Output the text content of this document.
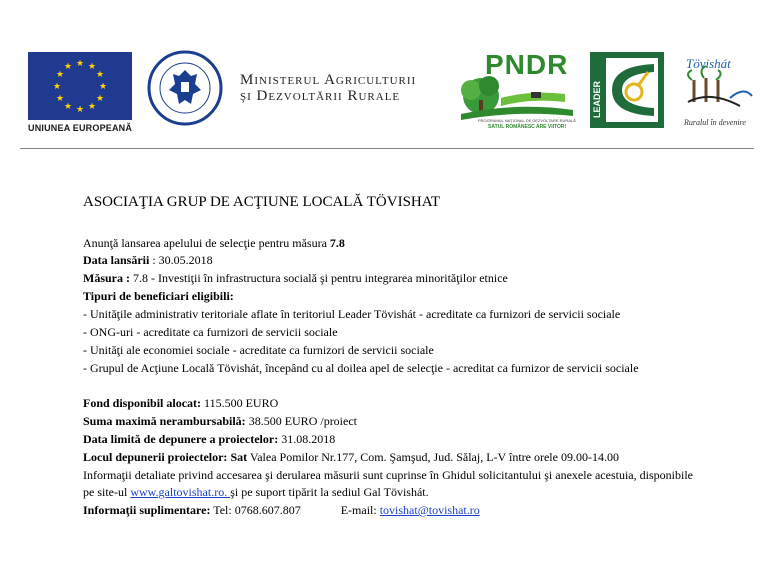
★ ★
★
★
★
★
★
★
★
★
★
★
UNIUNEA EUROPEANĂ
Ministerul Agriculturii
şi Dezvoltării Rurale
PNDR
PROGRAMUL NAŢIONAL DE DEZVOLTARE RURALĂ
SATUL ROMÂNESC ARE VIITOR!
LEADER
Tövishát
Ruralul în devenire
ASOCIAŢIA GRUP DE ACŢIUNE LOCALĂ TÖVISHAT
Anunţă lansarea apelului de selecţie pentru măsura 7.8
Data lansării : 30.05.2018
Măsura : 7.8 - Investiţii în infrastructura socială şi pentru integrarea minorităţilor etnice
Tipuri de beneficiari eligibili:
- Unităţile administrativ teritoriale aflate în teritoriul Leader Tövishát - acreditate ca furnizori de servicii sociale
- ONG-uri - acreditate ca furnizori de servicii sociale
- Unităţi ale economiei sociale - acreditate ca furnizori de servicii sociale
- Grupul de Acţiune Locală Tövishát, începând cu al doilea apel de selecţie - acreditat ca furnizor de servicii sociale
Fond disponibil alocat: 115.500 EURO
Suma maximă nerambursabilă: 38.500 EURO /proiect
Data limită de depunere a proiectelor: 31.08.2018
Locul depunerii proiectelor: Sat Valea Pomilor Nr.177, Com. Şamşud, Jud. Sălaj, L-V între orele 09.00-14.00
Informaţii detaliate privind accesarea şi derularea măsurii sunt cuprinse în Ghidul solicitantului şi anexele acestuia, disponibile pe site-ul www.galtovishat.ro. şi pe suport tipărit la sediul Gal Tövishát.
Informaţii suplimentare: Tel: 0768.607.807	E-mail: tovishat@tovishat.ro
